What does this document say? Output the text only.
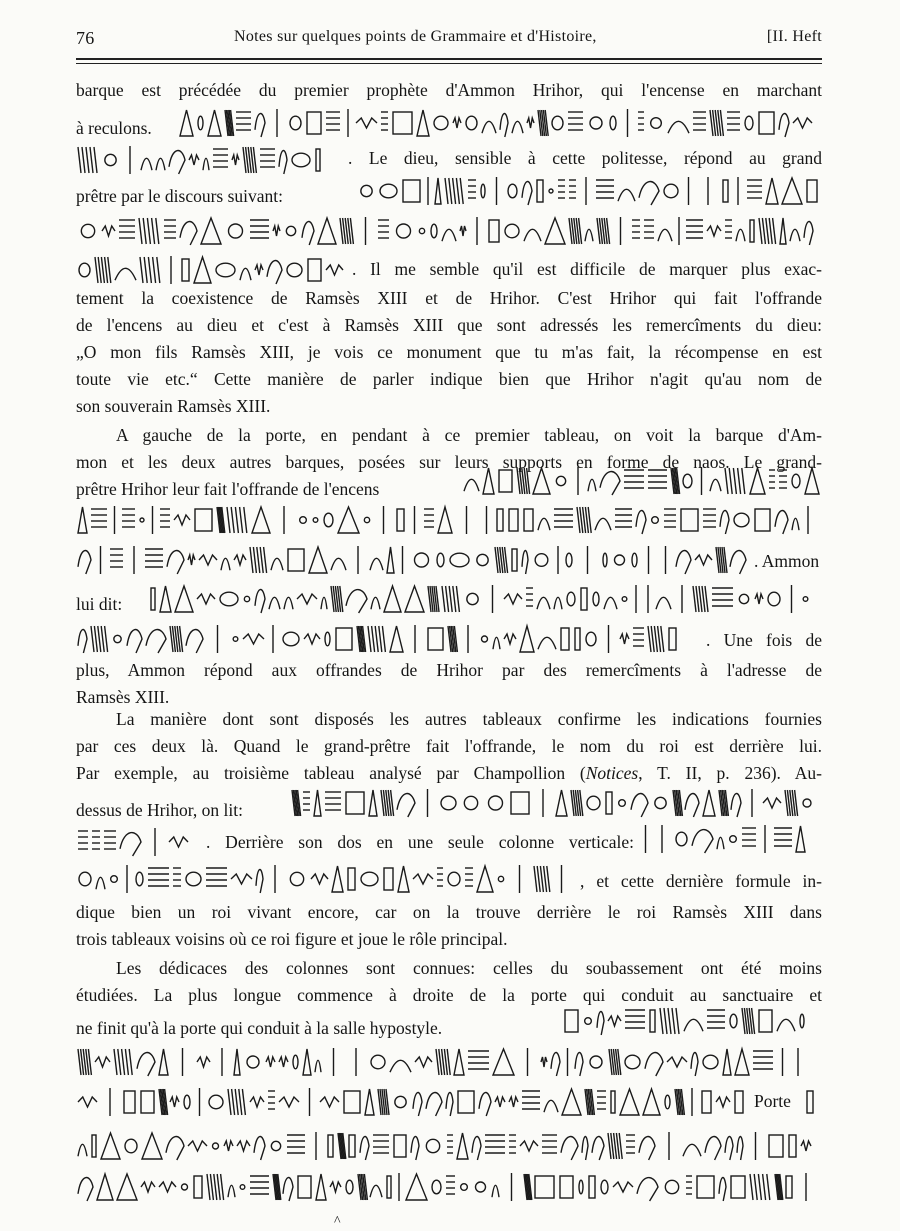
76	Notes sur quelques points de Grammaire et d'Histoire,	[II. Heft
barque est précédée du premier prophète d'Ammon Hrihor, qui l'encense en marchant
à reculons.
. Le dieu, sensible à cette politesse, répond au grand
prêtre par le discours suivant:
. Il me semble qu'il est difficile de marquer plus exac-
tement la coexistence de Ramsès XIII et de Hrihor. C'est Hrihor qui fait l'offrande
de l'encens au dieu et c'est à Ramsès XIII que sont adressés les remercîments du dieu:
„O mon fils Ramsès XIII, je vois ce monument que tu m'as fait, la récompense en est
toute vie etc.“ Cette manière de parler indique bien que Hrihor n'agit qu'au nom de
son souverain Ramsès XIII.
A gauche de la porte, en pendant à ce premier tableau, on voit la barque d'Am-
mon et les deux autres barques, posées sur leurs supports en forme de naos. Le grand-
prêtre Hrihor leur fait l'offrande de l'encens
. Ammon
lui dit:
. Une fois de
plus, Ammon répond aux offrandes de Hrihor par des remercîments à l'adresse de
Ramsès XIII.
La manière dont sont disposés les autres tableaux confirme les indications fournies
par ces deux là. Quand le grand-prêtre fait l'offrande, le nom du roi est derrière lui.
Par exemple, au troisième tableau analysé par Champollion (Notices, T. II, p. 236). Au-
dessus de Hrihor, on lit:
. Derrière son dos en une seule colonne verticale:
, et cette dernière formule in-
dique bien un roi vivant encore, car on la trouve derrière le roi Ramsès XIII dans
trois tableaux voisins où ce roi figure et joue le rôle principal.
Les dédicaces des colonnes sont connues: celles du soubassement ont été moins
étudiées. La plus longue commence à droite de la porte qui conduit au sanctuaire et
ne finit qu'à la porte qui conduit à la salle hypostyle.
Porte
^
